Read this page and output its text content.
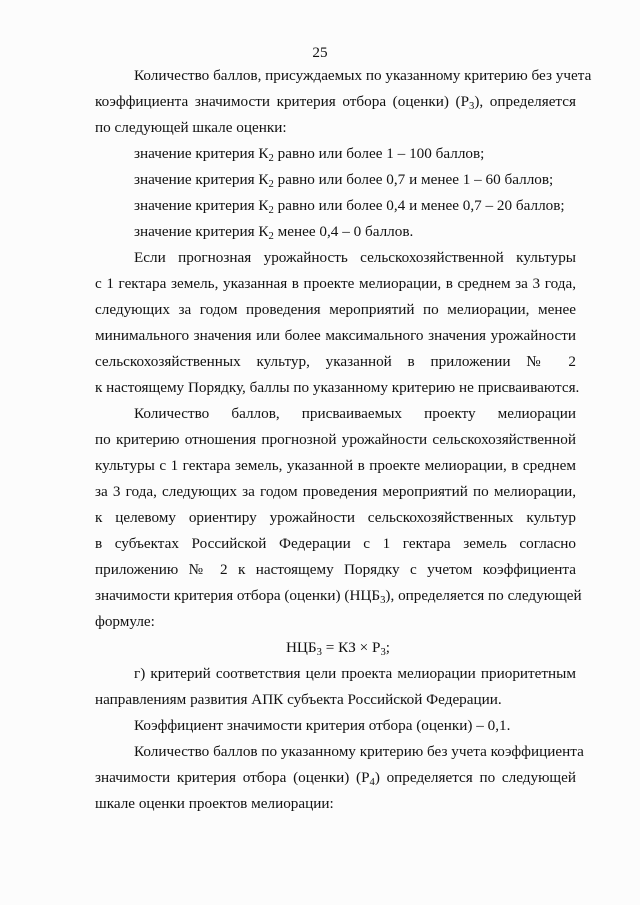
25
Количество баллов, присуждаемых по указанному критерию без учета
коэффициента значимости критерия отбора (оценки) $(Р_3)$, определяется
по следующей шкале оценки:
значение критерия $К_2$ равно или более 1 – 100 баллов;
значение критерия $К_2$ равно или более 0,7 и менее 1 – 60 баллов;
значение критерия $К_2$ равно или более 0,4 и менее 0,7 – 20 баллов;
значение критерия $К_2$ менее 0,4 – 0 баллов.
Если прогнозная урожайность сельскохозяйственной культуры
с 1 гектара земель, указанная в проекте мелиорации, в среднем за 3 года,
следующих за годом проведения мероприятий по мелиорации, менее
минимального значения или более максимального значения урожайности
сельскохозяйственных культур, указанной в приложении № 2
к настоящему Порядку, баллы по указанному критерию не присваиваются.
Количество баллов, присваиваемых проекту мелиорации
по критерию отношения прогнозной урожайности сельскохозяйственной
культуры с 1 гектара земель, указанной в проекте мелиорации, в среднем
за 3 года, следующих за годом проведения мероприятий по мелиорации,
к целевому ориентиру урожайности сельскохозяйственных культур
в субъектах Российской Федерации с 1 гектара земель согласно
приложению № 2 к настоящему Порядку с учетом коэффициента
значимости критерия отбора (оценки) $(НЦБ_3)$, определяется по следующей
формуле:
$НЦБ_3$ = КЗ × $Р_3$;
г) критерий соответствия цели проекта мелиорации приоритетным
направлениям развития АПК субъекта Российской Федерации.
Коэффициент значимости критерия отбора (оценки) – 0,1.
Количество баллов по указанному критерию без учета коэффициента
значимости критерия отбора (оценки) $(Р_4)$ определяется по следующей
шкале оценки проектов мелиорации:
